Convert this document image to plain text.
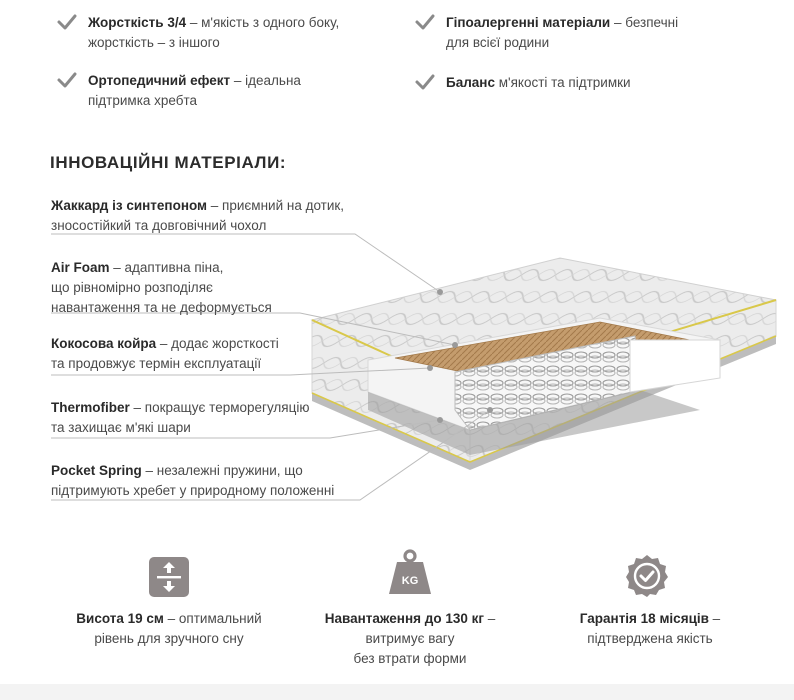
Жорсткість 3/4 – м'якість з одного боку,
жорсткість – з іншого
Гіпоалергенні матеріали – безпечні
для всієї родини
Ортопедичний ефект – ідеальна
підтримка хребта
Баланс м'якості та підтримки
ІННОВАЦІЙНІ МАТЕРІАЛИ:
Жаккард із синтепоном – приємний на дотик,
зносостійкий та довговічний чохол
Air Foam – адаптивна піна,
що рівномірно розподіляє
навантаження та не деформується
Кокосова койра – додає жорсткості
та продовжує термін експлуатації
Thermofiber – покращує терморегуляцію
та захищає м'які шари
Pocket Spring – незалежні пружини, що
підтримують хребет у природному положенні
KG
Висота 19 см – оптимальний
рівень для зручного сну
Навантаження до 130 кг –
витримує вагу
без втрати форми
Гарантія 18 місяців –
підтверджена якість
